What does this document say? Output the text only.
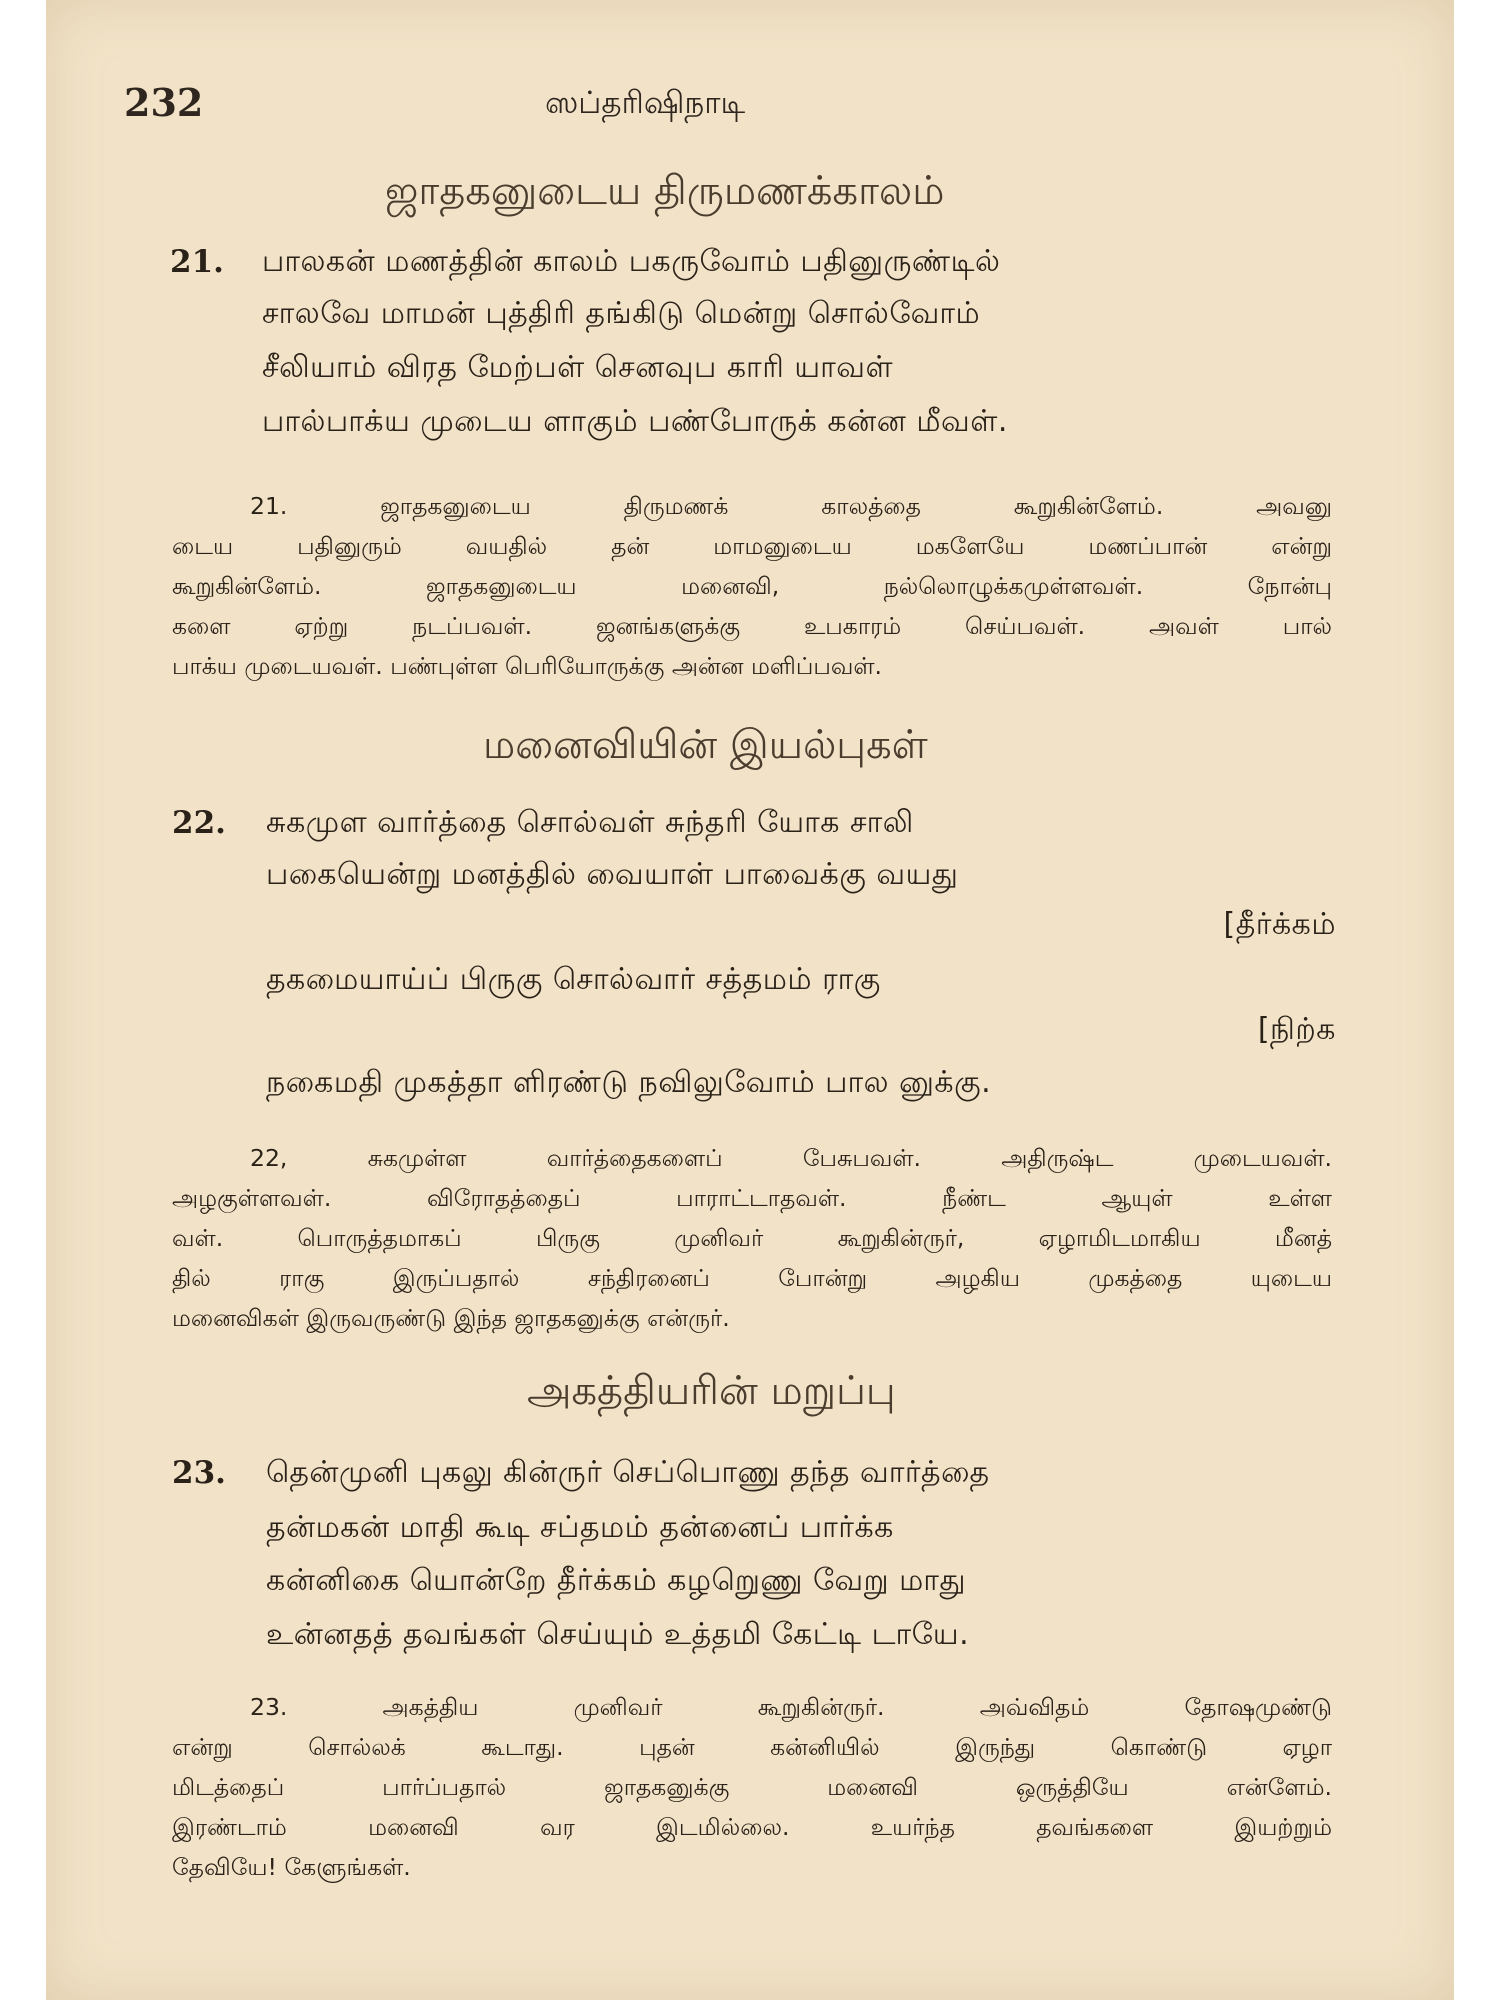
232	ஸப்தரிஷிநாடி
ஜாதகனுடைய திருமணக்காலம்
21. பாலகன் மணத்தின் காலம் பகருவோம் பதினுருண்டில்
சாலவே மாமன் புத்திரி தங்கிடு மென்று சொல்வோம்
சீலியாம் விரத மேற்பள் செனவுப காரி யாவள்
பால்பாக்ய முடைய ளாகும் பண்போருக் கன்ன மீவள்.
21. ஜாதகனுடைய திருமணக் காலத்தை கூறுகின்ளேம். அவனு
டைய பதினுரும் வயதில் தன் மாமனுடைய மகளேயே மணப்பான் என்று
கூறுகின்ளேம். ஜாதகனுடைய மனைவி, நல்லொழுக்கமுள்ளவள். நோன்பு
களை ஏற்று நடப்பவள். ஜனங்களுக்கு உபகாரம் செய்பவள். அவள் பால்
பாக்ய முடையவள். பண்புள்ள பெரியோருக்கு அன்ன மளிப்பவள்.
மனைவியின் இயல்புகள்
22. சுகமுள வார்த்தை சொல்வள் சுந்தரி யோக சாலி
பகையென்று மனத்தில் வையாள் பாவைக்கு வயது
[தீர்க்கம்
தகமையாய்ப் பிருகு சொல்வார் சத்தமம் ராகு
[நிற்க
நகைமதி முகத்தா ளிரண்டு நவிலுவோம் பால னுக்கு.
22, சுகமுள்ள வார்த்தைகளைப் பேசுபவள். அதிருஷ்ட முடையவள்.
அழகுள்ளவள். விரோதத்தைப் பாராட்டாதவள். நீண்ட ஆயுள் உள்ள
வள். பொருத்தமாகப் பிருகு முனிவர் கூறுகின்ருர், ஏழாமிடமாகிய மீனத்
தில் ராகு இருப்பதால் சந்திரனைப் போன்று அழகிய முகத்தை யுடைய
மனைவிகள் இருவருண்டு இந்த ஜாதகனுக்கு என்ருர்.
அகத்தியரின் மறுப்பு
23. தென்முனி புகலு கின்ருர் செப்பொணு தந்த வார்த்தை
தன்மகன் மாதி கூடி சப்தமம் தன்னைப் பார்க்க
கன்னிகை யொன்றே தீர்க்கம் கழறுெணு வேறு மாது
உன்னதத் தவங்கள் செய்யும் உத்தமி கேட்டி டாயே.
23. அகத்திய முனிவர் கூறுகின்ருர். அவ்விதம் தோஷமுண்டு
என்று சொல்லக் கூடாது. புதன் கன்னியில் இருந்து கொண்டு ஏழா
மிடத்தைப் பார்ப்பதால் ஜாதகனுக்கு மனைவி ஒருத்தியே என்ளேம்.
இரண்டாம் மனைவி வர இடமில்லை. உயர்ந்த தவங்களை இயற்றும்
தேவியே! கேளுங்கள்.
